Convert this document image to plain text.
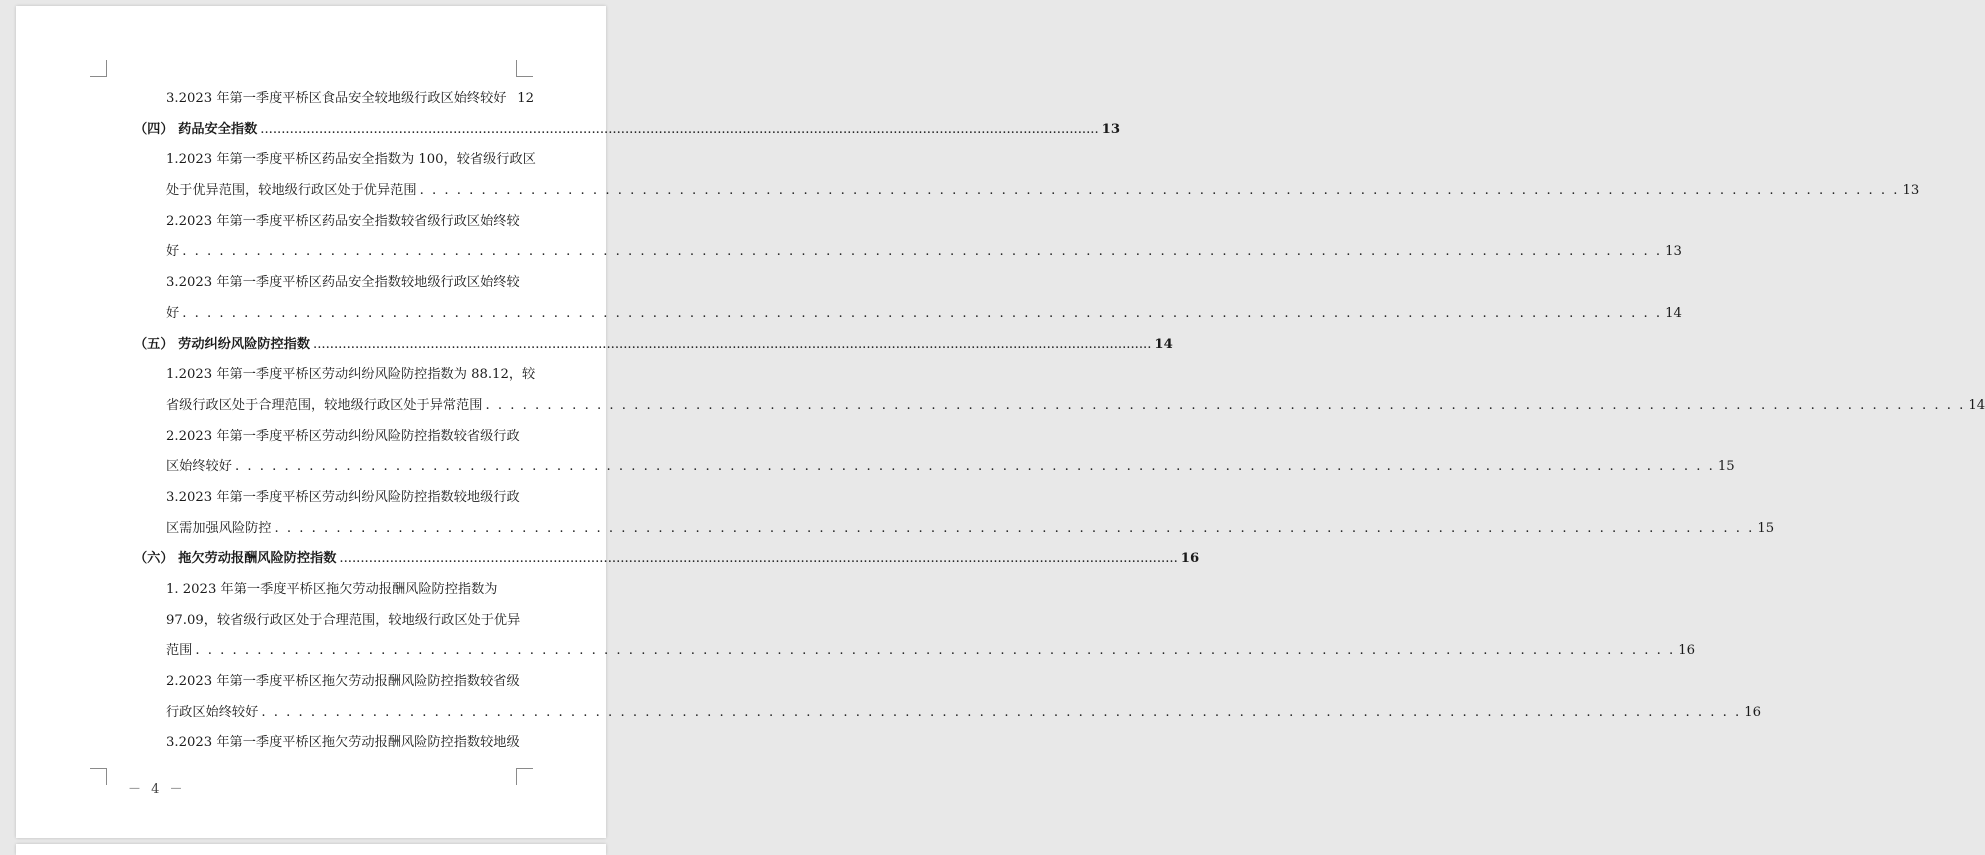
3.2023 年第一季度平桥区食品安全较地级行政区始终较好 12
（四） 药品安全指数 ........................................................................................................................................................................................................ 13
1.2023 年第一季度平桥区药品安全指数为 100，较省级行政区
处于优异范围，较地级行政区处于优异范围 . . . . . . . . . . . . . . . . . . . . . . . . . . . . . . . . . . . . . . . . . . . . . . . . . . . . . . . . . . . . . . . . . . . . . . . . . . . . . . . . . . . . . . . . . . . . . . . . . . . . . . . . . . . . . . . . . . . . . . . . 13
2.2023 年第一季度平桥区药品安全指数较省级行政区始终较
好 . . . . . . . . . . . . . . . . . . . . . . . . . . . . . . . . . . . . . . . . . . . . . . . . . . . . . . . . . . . . . . . . . . . . . . . . . . . . . . . . . . . . . . . . . . . . . . . . . . . . . . . . . . . . . . . . . . . . . . . . 13
3.2023 年第一季度平桥区药品安全指数较地级行政区始终较
好 . . . . . . . . . . . . . . . . . . . . . . . . . . . . . . . . . . . . . . . . . . . . . . . . . . . . . . . . . . . . . . . . . . . . . . . . . . . . . . . . . . . . . . . . . . . . . . . . . . . . . . . . . . . . . . . . . . . . . . . . 14
（五） 劳动纠纷风险防控指数 ........................................................................................................................................................................................................ 14
1.2023 年第一季度平桥区劳动纠纷风险防控指数为 88.12，较
省级行政区处于合理范围，较地级行政区处于异常范围 . . . . . . . . . . . . . . . . . . . . . . . . . . . . . . . . . . . . . . . . . . . . . . . . . . . . . . . . . . . . . . . . . . . . . . . . . . . . . . . . . . . . . . . . . . . . . . . . . . . . . . . . . . . . . . . . . . . . . . . . 14
2.2023 年第一季度平桥区劳动纠纷风险防控指数较省级行政
区始终较好 . . . . . . . . . . . . . . . . . . . . . . . . . . . . . . . . . . . . . . . . . . . . . . . . . . . . . . . . . . . . . . . . . . . . . . . . . . . . . . . . . . . . . . . . . . . . . . . . . . . . . . . . . . . . . . . . . . . . . . . . 15
3.2023 年第一季度平桥区劳动纠纷风险防控指数较地级行政
区需加强风险防控 . . . . . . . . . . . . . . . . . . . . . . . . . . . . . . . . . . . . . . . . . . . . . . . . . . . . . . . . . . . . . . . . . . . . . . . . . . . . . . . . . . . . . . . . . . . . . . . . . . . . . . . . . . . . . . . . . . . . . . . . 15
（六） 拖欠劳动报酬风险防控指数 ........................................................................................................................................................................................................ 16
1. 2023 年第一季度平桥区拖欠劳动报酬风险防控指数为
97.09，较省级行政区处于合理范围，较地级行政区处于优异
范围 . . . . . . . . . . . . . . . . . . . . . . . . . . . . . . . . . . . . . . . . . . . . . . . . . . . . . . . . . . . . . . . . . . . . . . . . . . . . . . . . . . . . . . . . . . . . . . . . . . . . . . . . . . . . . . . . . . . . . . . . 16
2.2023 年第一季度平桥区拖欠劳动报酬风险防控指数较省级
行政区始终较好 . . . . . . . . . . . . . . . . . . . . . . . . . . . . . . . . . . . . . . . . . . . . . . . . . . . . . . . . . . . . . . . . . . . . . . . . . . . . . . . . . . . . . . . . . . . . . . . . . . . . . . . . . . . . . . . . . . . . . . . . 16
3.2023 年第一季度平桥区拖欠劳动报酬风险防控指数较地级
－ 4 －
